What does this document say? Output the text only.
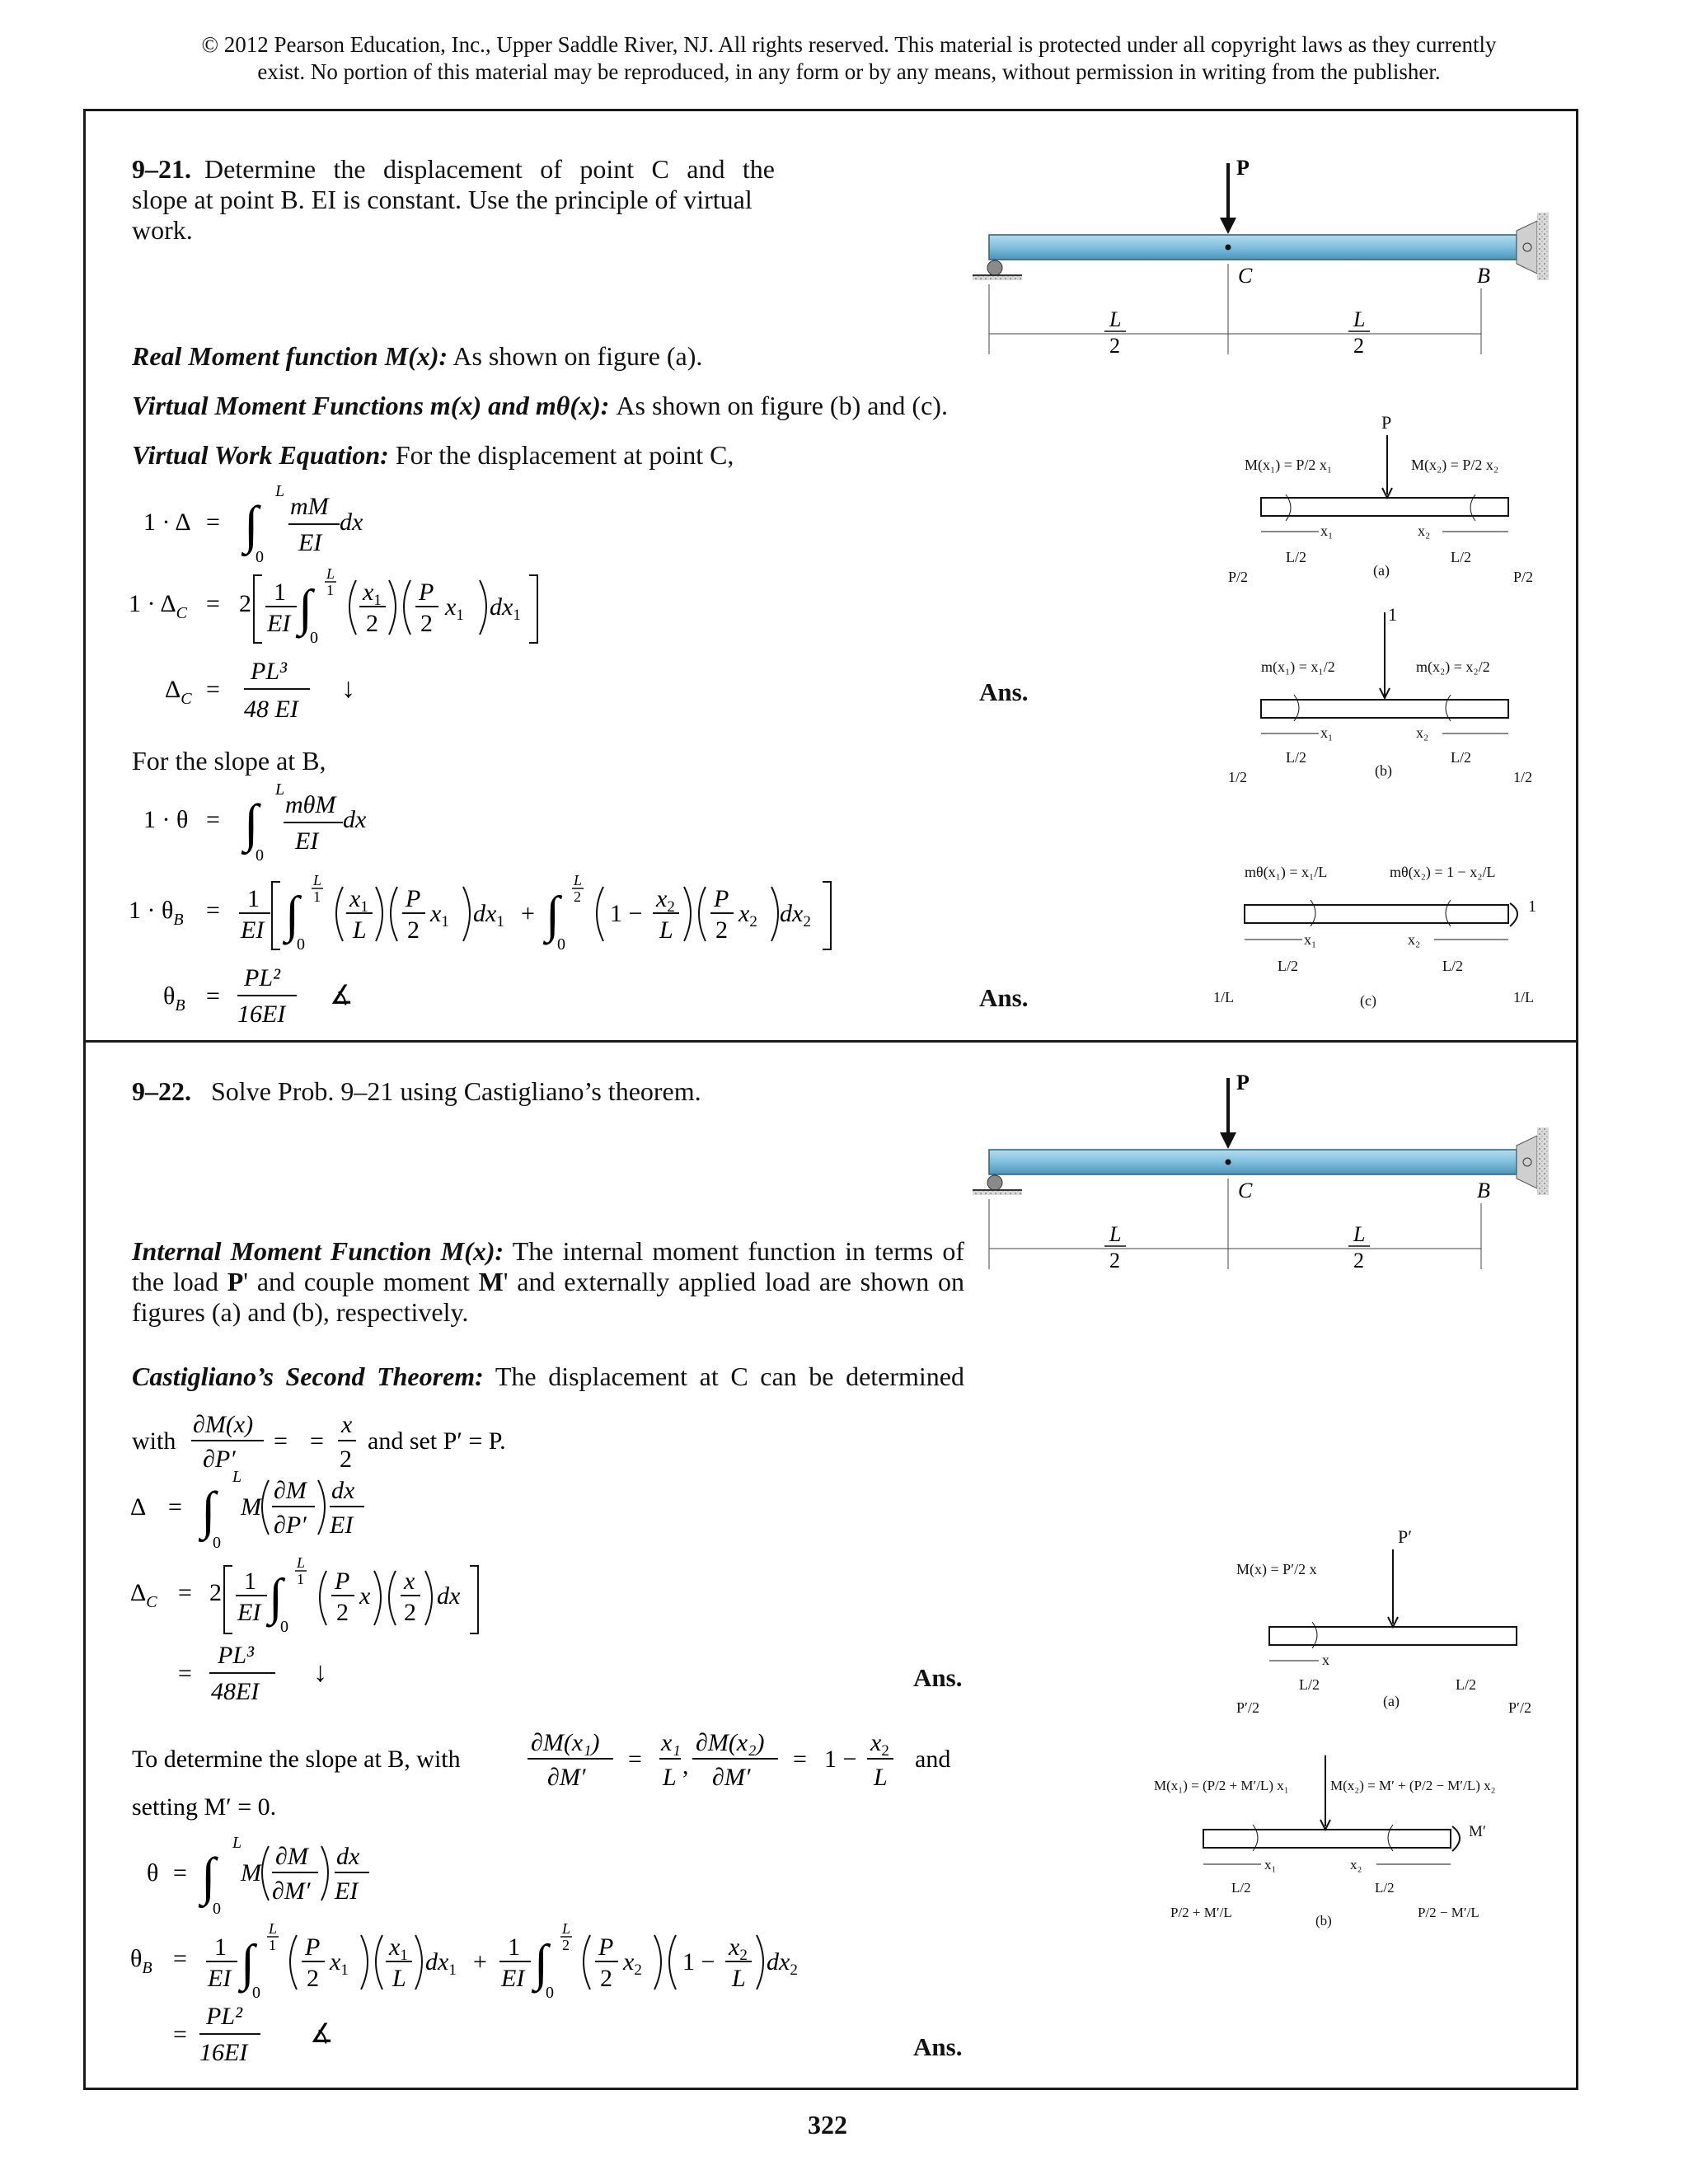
© 2012 Pearson Education, Inc., Upper Saddle River, NJ. All rights reserved. This material is protected under all copyright laws as they currently
exist. No portion of this material may be reproduced, in any form or by any means, without permission in writing from the publisher.
9–21. Determine the displacement of point C and the
slope at point B. EI is constant. Use the principle of virtual
work.
Real Moment function M(x): As shown on figure (a).
Virtual Moment Functions m(x) and mθ(x): As shown on figure (b) and (c).
Virtual Work Equation: For the displacement at point C,
For the slope at B,
Ans.
Ans.
1 · Δ = ∫
L
0
mM
EI
dx
$1 \cdot \Delta_C = 2$ 1
EI ∫
L
1
0
$x_1$
2
P
2
$x_1$ $dx_1$
$\Delta_C$ =
PL³
48 EI
↓
1 · θ = ∫
L
0
mθM
EI
dx
$1 \cdot \theta_B = 1$
EI ∫
L
1
0
$x_1$
L
P
2
$x_1$ $dx_1$ + ∫
L
2
0
1 −
$x_2$
L
P
2
$x_2$ $dx_2$
$\theta_B$ =
PL²
16EI
∡
P
C	B
L
2
L
2
P
M(x₁) = P/2 x₁	M(x₂) = P/2 x₂
x₁	x₂
L/2	L/2
P/2	P/2
(a)
1
m(x₁) = x₁/2	m(x₂) = x₂/2
x₁	x₂
L/2	L/2
1/2	1/2
(b)
mθ(x₁) = x₁/L	mθ(x₂) = 1 − x₂/L
1
x₁	x₂
L/2	L/2
1/L	1/L
(c)
9–22. Solve Prob. 9–21 using Castigliano’s theorem.
Internal Moment Function M(x): The internal moment function in terms of
the load P' and couple moment M' and externally applied load are shown on
figures (a) and (b), respectively.
Castigliano’s Second Theorem: The displacement at C can be determined
Ans.
Ans.
with
∂M(x)
∂P′
= =
x
2
and set P′ = P.
Δ = ∫
L
0
M
∂M
∂P′
dx
EI
$\Delta_C = 2$ 1
EI ∫
L
1
0
P
2
x
x
2
dx
=
PL³
48EI
↓
To determine the slope at B, with
∂M(x₁)
∂M′
=
x₁
L ,
∂M(x₂)
∂M′
= 1 −
$x_2$
L
and
setting M′ = 0.
θ = ∫
L
0
M
∂M
∂M′
dx
EI
$\theta_B = 1$
EI ∫
L
1
0
P
2
$x_1$
$x_1$
L
$dx_1$ +
1
EI ∫
L
2
0
P
2
$x_2$ 1 −
$x_2$
L
$dx_2$
=
PL²
16EI
∡
P
C	B
L
2
L
2
P′
M(x) = P′/2 x
x
L/2	L/2
P′/2	P′/2
(a)
M(x₁) = (P/2 + M′/L) x₁	M(x₂) = M′ + (P/2 − M′/L) x₂
M′
x₁	x₂
L/2	L/2
P/2 + M′/L	P/2 − M′/L
(b)
322
